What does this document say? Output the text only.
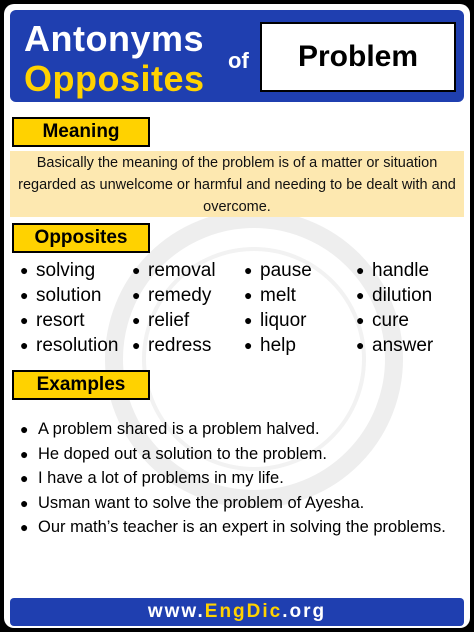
Antonyms
Opposites of Problem
Meaning
Basically the meaning of the problem is of a matter or situation regarded as unwelcome or harmful and needing to be dealt with and overcome.
Opposites
● solving	● removal	● pause	● handle
● solution	● remedy	● melt	● dilution
● resort	● relief	● liquor	● cure
● resolution ● redress	● help	● answer
Examples
● A problem shared is a problem halved.
● He doped out a solution to the problem.
● I have a lot of problems in my life.
● Usman want to solve the problem of Ayesha.
● Our math’s teacher is an expert in solving the problems.
www. EngDic .org
